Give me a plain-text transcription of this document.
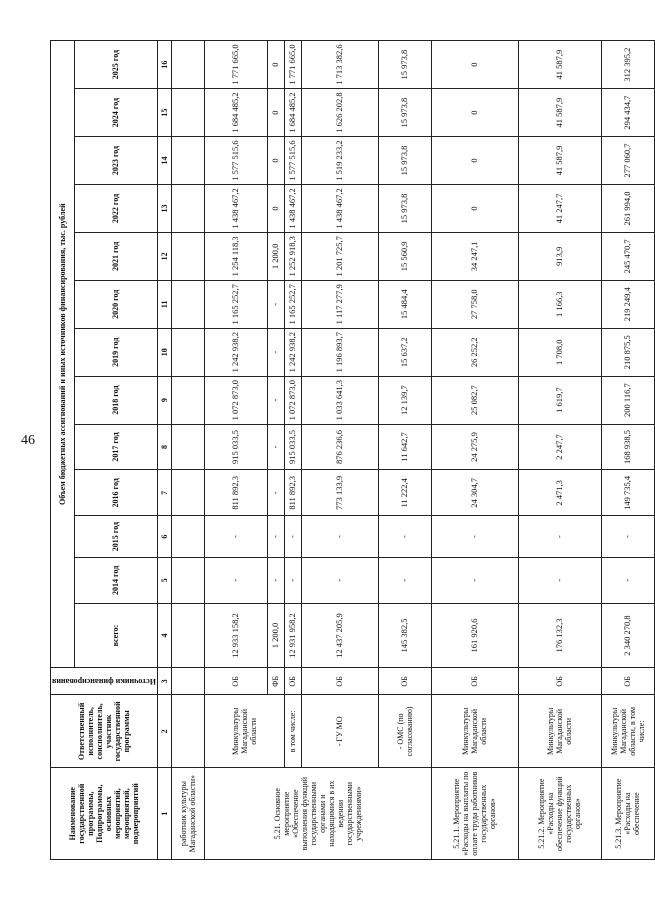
46
Наименование государственной программы, Подпрограммы, основных мероприятий, мероприятий, подмероприятий	Ответственный исполнитель, соисполнитель, участник государственной программы	Источники финансирования	Объем бюджетных ассигнований и иных источников финансирования, тыс. рублей												
			всего:	2014 год	2015 год	2016 год	2017 год	2018 год	2019 год	2020 год	2021 год	2022 год	2023 год	2024 год	2025 год
1	2	3	4	5	6	7	8	9	10	11	12	13	14	15	16
работник культуры Магаданской области»															
5.21. Основное мероприятие «Обеспечение выполнения функций государственными органами и находящимися в их ведении государственными учреждениями»	Минкультуры Магаданской области	ОБ	12 933 158,2	-	-	811 892,3	915 033,5	1 072 873,0	1 242 938,2	1 165 252,7	1 254 118,3	1 438 467,2	1 577 515,6	1 684 485,2	1 771 665,0
		ФБ	1 200,0	-	-	-	-	-	-	-	1 200,0	0	0	0	0
	в том числе:	ОБ	12 931 958,2	-	-	811 892,3	915 033,5	1 072 873,0	1 242 938,2	1 165 252,7	1 252 918,3	1 438 467,2	1 577 515,6	1 684 485,2	1 771 665,0
	- ГУ МО	ОБ	12 437 205,9	-	-	773 133,9	876 236,6	1 033 641,3	1 196 893,7	1 117 277,9	1 201 725,7	1 438 467,2	1 519 233,2	1 626 202,8	1 713 382,6
	- ОМС (по согласованию)	ОБ	145 382,5	-	-	11 222,4	11 642,7	12 139,7	15 637,2	15 484,4	15 560,9	15 973,8	15 973,8	15 973,8	15 973,8
5.21.1. Мероприятие «Расходы на выплаты по оплате труда работников государственных органов»	Минкультуры Магаданской области	ОБ	161 920,6	-	-	24 304,7	24 275,9	25 082,7	26 252,2	27 758,0	34 247,1	0	0	0	0
5.21.2. Мероприятие «Расходы на обеспечение функций государственных органов»	Минкультуры Магаданской области	ОБ	176 132,3	-	-	2 471,3	2 247,7	1 619,7	1 708,0	1 166,3	913,9	41 247,7	41 587,9	41 587,9	41 587,9
5.21.3. Мероприятие «Расходы на обеспечение	Минкультуры Магаданской области, в том числе:	ОБ	2 340 270,8	-	-	149 735,4	168 938,5	200 116,7	210 875,5	219 249,4	245 470,7	261 994,0	277 060,7	294 434,7	312 395,2
